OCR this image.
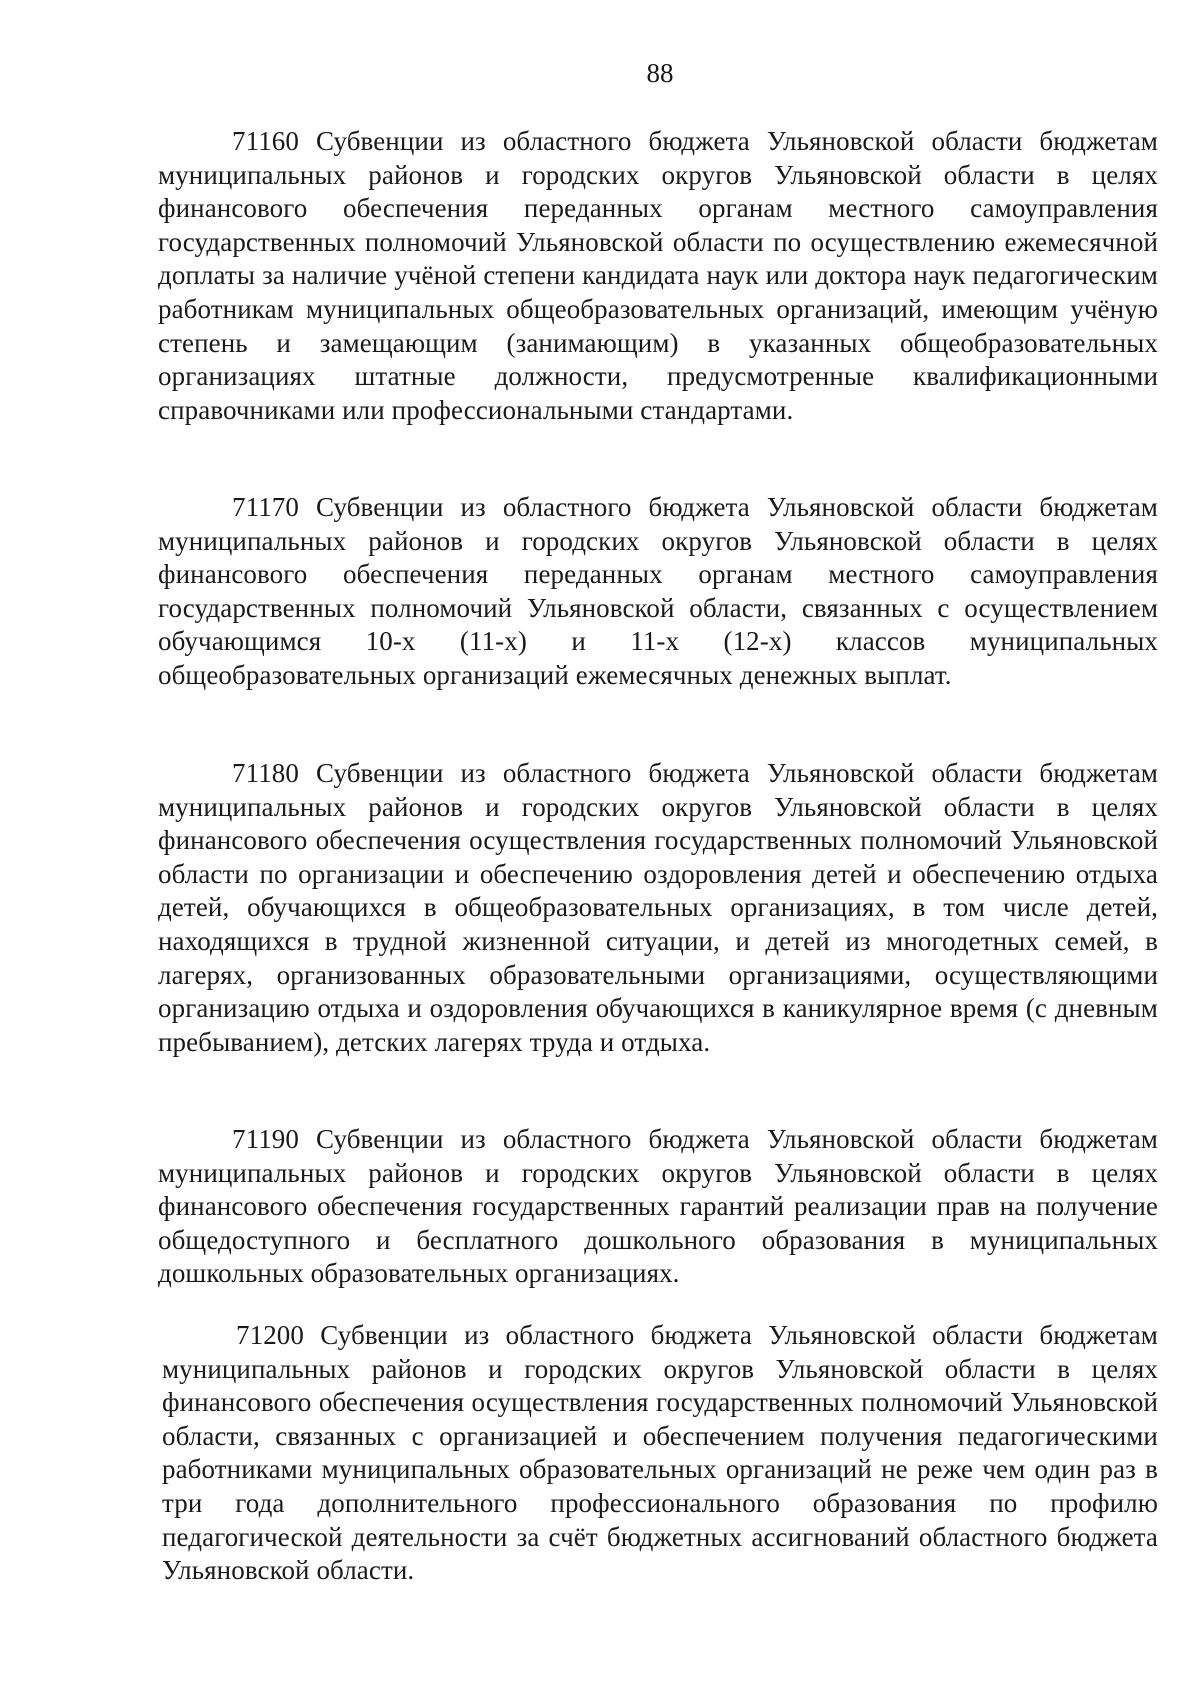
88

71160 Субвенции из областного бюджета Ульяновской области бюджетам муниципальных районов и городских округов Ульяновской области в целях финансового обеспечения переданных органам местного самоуправления государственных полномочий Ульяновской области по осуществлению ежемесячной доплаты за наличие учёной степени кандидата наук или доктора наук педагогическим работникам муниципальных общеобразовательных организаций, имеющим учёную степень и замещающим (занимающим) в указанных общеобразовательных организациях штатные должности, предусмотренные квалификационными справочниками или профессиональными стандартами.

71170 Субвенции из областного бюджета Ульяновской области бюджетам муниципальных районов и городских округов Ульяновской области в целях финансового обеспечения переданных органам местного самоуправления государственных полномочий Ульяновской области, связанных с осуществлением обучающимся 10-х (11-х) и 11-х (12-х) классов муниципальных общеобразовательных организаций ежемесячных денежных выплат.

71180 Субвенции из областного бюджета Ульяновской области бюджетам муниципальных районов и городских округов Ульяновской области в целях финансового обеспечения осуществления государственных полномочий Ульяновской области по организации и обеспечению оздоровления детей и обеспечению отдыха детей, обучающихся в общеобразовательных организациях, в том числе детей, находящихся в трудной жизненной ситуации, и детей из многодетных семей, в лагерях, организованных образовательными организациями, осуществляющими организацию отдыха и оздоровления обучающихся в каникулярное время (с дневным пребыванием), детских лагерях труда и отдыха.

71190 Субвенции из областного бюджета Ульяновской области бюджетам муниципальных районов и городских округов Ульяновской области в целях финансового обеспечения государственных гарантий реализации прав на получение общедоступного и бесплатного дошкольного образования в муниципальных дошкольных образовательных организациях.

71200 Субвенции из областного бюджета Ульяновской области бюджетам муниципальных районов и городских округов Ульяновской области в целях финансового обеспечения осуществления государственных полномочий Ульяновской области, связанных с организацией и обеспечением получения педагогическими работниками муниципальных образовательных организаций не реже чем один раз в три года дополнительного профессионального образования по профилю педагогической деятельности за счёт бюджетных ассигнований областного бюджета Ульяновской области.
